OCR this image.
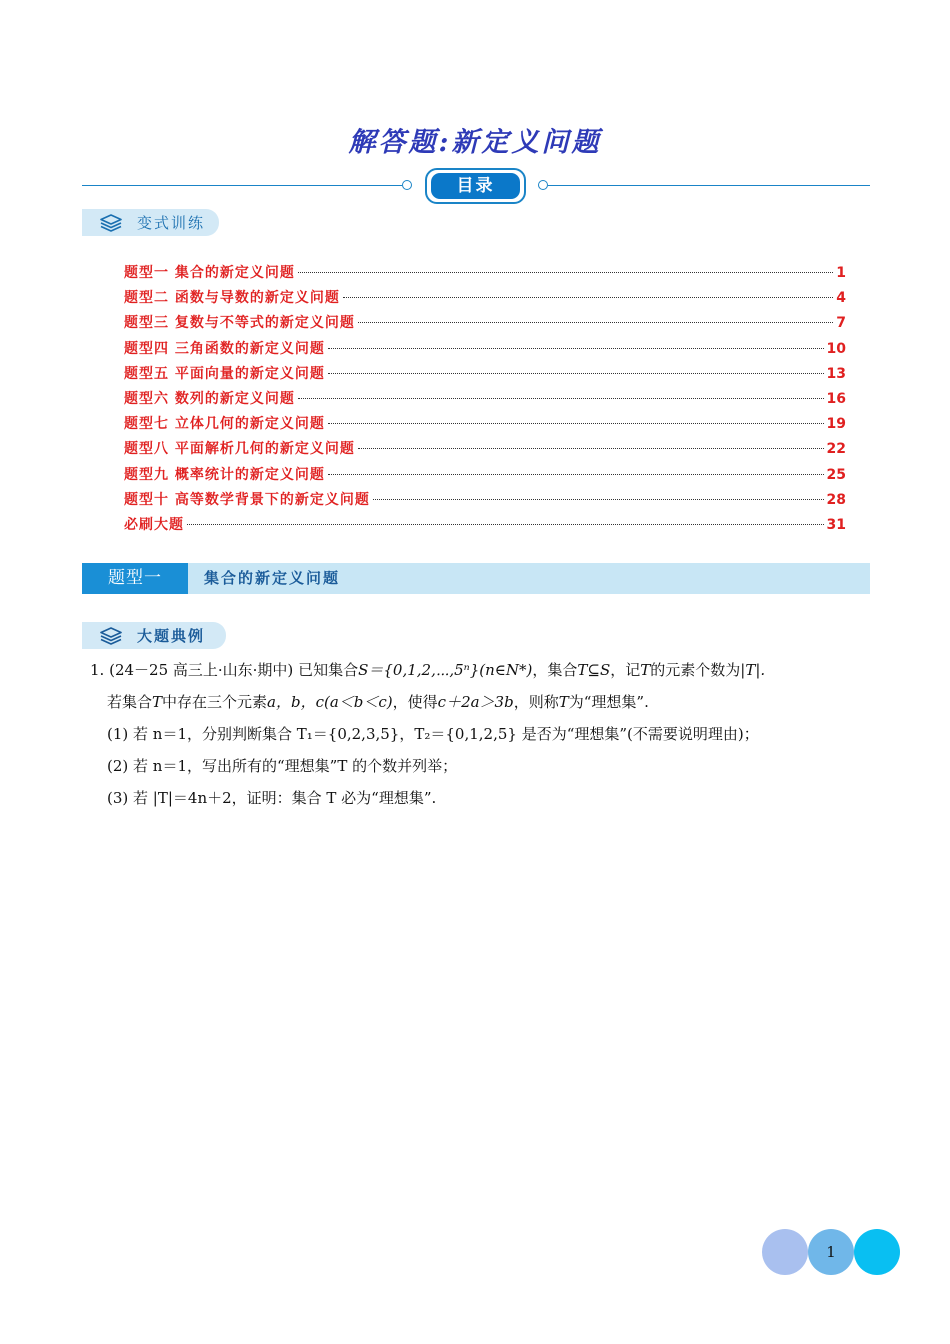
解答题:新定义问题
目录
变式训练
题型一 集合的新定义问题	1
题型二 函数与导数的新定义问题	4
题型三 复数与不等式的新定义问题	7
题型四 三角函数的新定义问题	10
题型五 平面向量的新定义问题	13
题型六 数列的新定义问题	16
题型七 立体几何的新定义问题	19
题型八 平面解析几何的新定义问题	22
题型九 概率统计的新定义问题	25
题型十 高等数学背景下的新定义问题	28
必刷大题	31
题型一	集合的新定义问题
大题典例
1. (24－25 高三上·山东·期中) 已知集合S＝{0,1,2,⋯,5ⁿ}(n∈N*)，集合T⊆S，记T的元素个数为|T|.
若集合T中存在三个元素a，b，c(a＜b＜c)，使得c＋2a＞3b，则称T为“理想集”.
(1) 若 n＝1，分别判断集合 T₁＝{0,2,3,5}，T₂＝{0,1,2,5} 是否为“理想集”(不需要说明理由)；
(2) 若 n＝1，写出所有的“理想集”T 的个数并列举；
(3) 若 |T|＝4n＋2，证明：集合 T 必为“理想集”.
1
